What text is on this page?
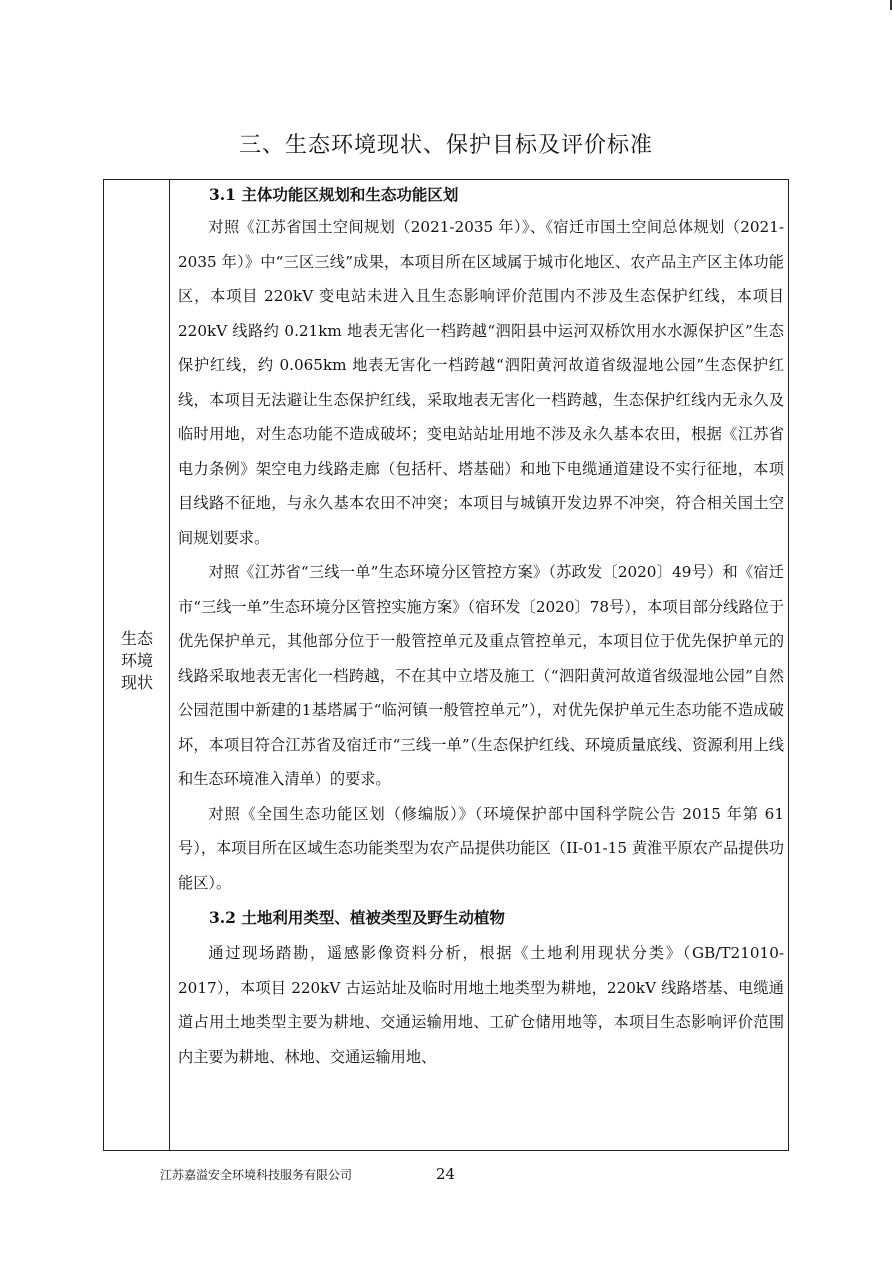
三、生态环境现状、保护目标及评价标准
生态
环境
现状
3.1 主体功能区规划和生态功能区划

对照《江苏省国土空间规划（2021-2035 年）》、《宿迁市国土空间总体规划（2021-2035 年）》中“三区三线”成果，本项目所在区域属于城市化地区、农产品主产区主体功能区，本项目 220kV 变电站未进入且生态影响评价范围内不涉及生态保护红线，本项目 220kV 线路约 0.21km 地表无害化一档跨越“泗阳县中运河双桥饮用水水源保护区”生态保护红线，约 0.065km 地表无害化一档跨越“泗阳黄河故道省级湿地公园”生态保护红线，本项目无法避让生态保护红线，采取地表无害化一档跨越，生态保护红线内无永久及临时用地，对生态功能不造成破坏；变电站站址用地不涉及永久基本农田，根据《江苏省电力条例》架空电力线路走廊（包括杆、塔基础）和地下电缆通道建设不实行征地，本项目线路不征地，与永久基本农田不冲突；本项目与城镇开发边界不冲突，符合相关国土空间规划要求。

对照《江苏省“三线一单”生态环境分区管控方案》（苏政发〔2020〕49号）和《宿迁市“三线一单”生态环境分区管控实施方案》（宿环发〔2020〕78号），本项目部分线路位于优先保护单元，其他部分位于一般管控单元及重点管控单元，本项目位于优先保护单元的线路采取地表无害化一档跨越，不在其中立塔及施工（“泗阳黄河故道省级湿地公园”自然公园范围中新建的1基塔属于“临河镇一般管控单元”），对优先保护单元生态功能不造成破坏，本项目符合江苏省及宿迁市“三线一单”（生态保护红线、环境质量底线、资源利用上线和生态环境准入清单）的要求。

对照《全国生态功能区划（修编版）》（环境保护部中国科学院公告 2015 年第 61 号），本项目所在区域生态功能类型为农产品提供功能区（II-01-15 黄淮平原农产品提供功能区）。

3.2 土地利用类型、植被类型及野生动植物

通过现场踏勘，遥感影像资料分析，根据《土地利用现状分类》（GB/T21010-2017），本项目 220kV 古运站址及临时用地土地类型为耕地，220kV 线路塔基、电缆通道占用土地类型主要为耕地、交通运输用地、工矿仓储用地等，本项目生态影响评价范围内主要为耕地、林地、交通运输用地、

江苏嘉溢安全环境科技服务有限公司	24
